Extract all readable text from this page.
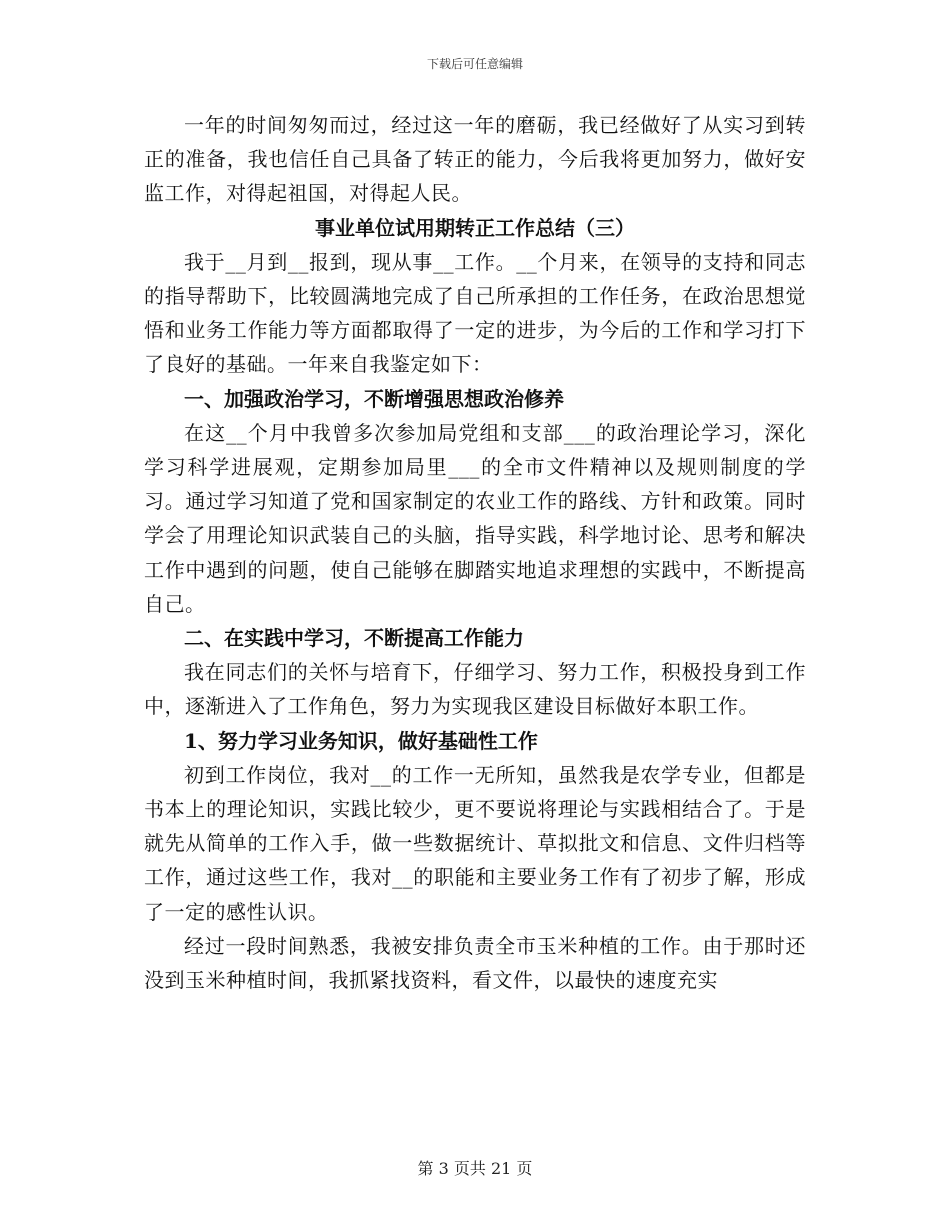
下载后可任意编辑

一年的时间匆匆而过，经过这一年的磨砺，我已经做好了从实习到转正的准备，我也信任自己具备了转正的能力，今后我将更加努力，做好安监工作，对得起祖国，对得起人民。

事业单位试用期转正工作总结（三）

我于__月到__报到，现从事__工作。__个月来，在领导的支持和同志的指导帮助下，比较圆满地完成了自己所承担的工作任务，在政治思想觉悟和业务工作能力等方面都取得了一定的进步，为今后的工作和学习打下了良好的基础。一年来自我鉴定如下：

一、加强政治学习，不断增强思想政治修养

在这__个月中我曾多次参加局党组和支部___的政治理论学习，深化学习科学进展观，定期参加局里___的全市文件精神以及规则制度的学习。通过学习知道了党和国家制定的农业工作的路线、方针和政策。同时学会了用理论知识武装自己的头脑，指导实践，科学地讨论、思考和解决工作中遇到的问题，使自己能够在脚踏实地追求理想的实践中，不断提高自己。

二、在实践中学习，不断提高工作能力

我在同志们的关怀与培育下，仔细学习、努力工作，积极投身到工作中，逐渐进入了工作角色，努力为实现我区建设目标做好本职工作。

1、努力学习业务知识，做好基础性工作

初到工作岗位，我对__的工作一无所知，虽然我是农学专业，但都是书本上的理论知识，实践比较少，更不要说将理论与实践相结合了。于是就先从简单的工作入手，做一些数据统计、草拟批文和信息、文件归档等工作，通过这些工作，我对__的职能和主要业务工作有了初步了解，形成了一定的感性认识。

经过一段时间熟悉，我被安排负责全市玉米种植的工作。由于那时还没到玉米种植时间，我抓紧找资料，看文件，以最快的速度充实

第 3 页共 21 页
